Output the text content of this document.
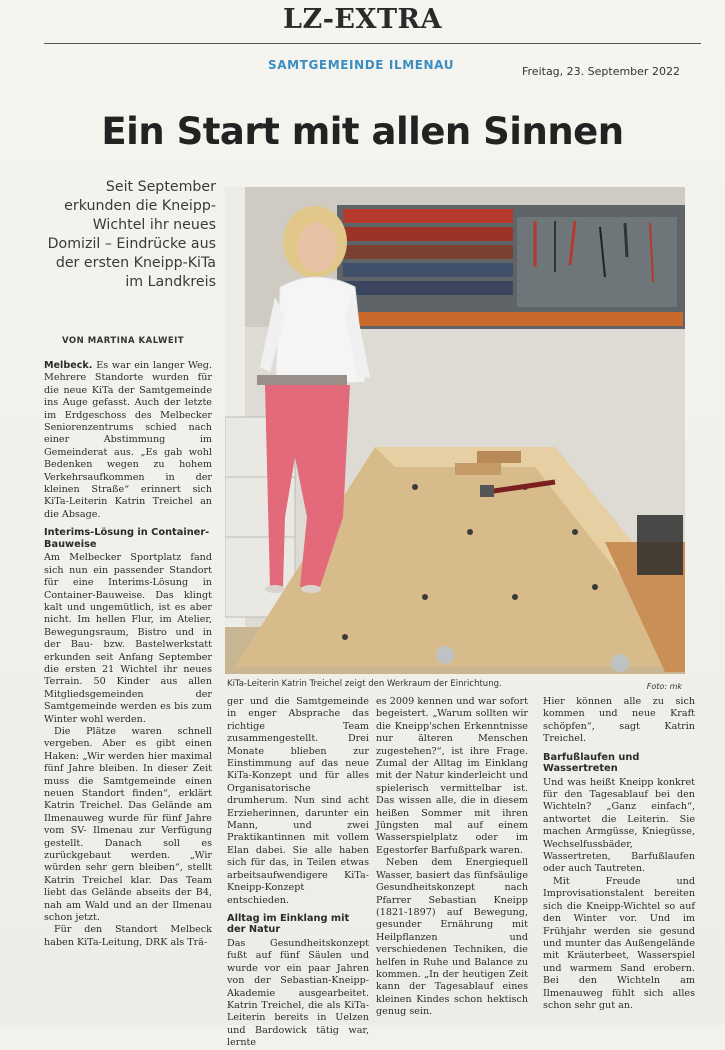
LZ-EXTRA
SAMTGEMEINDE ILMENAU	Freitag, 23. September 2022
Ein Start mit allen Sinnen
Seit September erkunden die Kneipp-Wichtel ihr neues Domizil – Eindrücke aus der ersten Kneipp-KiTa im Landkreis
VON MARTINA KALWEIT
KiTa-Leiterin Katrin Treichel zeigt den Werkraum der Einrichtung.	Foto: mk

Melbeck. Es war ein langer Weg. Mehrere Standorte wurden für die neue KiTa der Samtgemeinde ins Auge gefasst. Auch der letzte im Erdgeschoss des Melbecker Seniorenzentrums schied nach einer Abstimmung im Gemeinderat aus. „Es gab wohl Bedenken wegen zu hohem Verkehrsaufkommen in der kleinen Straße“ erinnert sich KiTa-Leiterin Katrin Treichel an die Absage.

Interims-Lösung in Container-Bauweise

Am Melbecker Sportplatz fand sich nun ein passender Standort für eine Interims-Lösung in Container-Bauweise. Das klingt kalt und ungemütlich, ist es aber nicht. Im hellen Flur, im Atelier, Bewegungsraum, Bistro und in der Bau- bzw. Bastelwerkstatt erkunden seit Anfang September die ersten 21 Wichtel ihr neues Terrain. 50 Kinder aus allen Mitgliedsgemeinden der Samtgemeinde werden es bis zum Winter wohl werden.

Die Plätze waren schnell vergeben. Aber es gibt einen Haken: „Wir werden hier maximal fünf Jahre bleiben. In dieser Zeit muss die Samtgemeinde einen neuen Standort finden“, erklärt Katrin Treichel. Das Gelände am Ilmenauweg wurde für fünf Jahre vom SV- Ilmenau zur Verfügung gestellt. Danach soll es zurückgebaut werden. „Wir würden sehr gern bleiben“, stellt Katrin Treichel klar. Das Team liebt das Gelände abseits der B4, nah am Wald und an der Ilmenau schon jetzt.

Für den Standort Melbeck haben KiTa-Leitung, DRK als Trä-

ger und die Samtgemeinde in enger Absprache das richtige Team zusammengestellt. Drei Monate blieben zur Einstimmung auf das neue KiTa-Konzept und für alles Organisatorische drumherum. Nun sind acht Erzieherinnen, darunter ein Mann, und zwei Praktikantinnen mit vollem Elan dabei. Sie alle haben sich für das, in Teilen etwas arbeitsaufwendigere KiTa-Kneipp-Konzept entschieden.

Alltag im Einklang mit der Natur

Das Gesundheitskonzept fußt auf fünf Säulen und wurde vor ein paar Jahren von der Sebastian-Kneipp-Akademie ausgearbeitet. Katrin Treichel, die als KiTa- Leiterin bereits in Uelzen und Bardowick tätig war, lernte

es 2009 kennen und war sofort begeistert. „Warum sollten wir die Kneipp'schen Erkenntnisse nur älteren Menschen zugestehen?“, ist ihre Frage. Zumal der Alltag im Einklang mit der Natur kinderleicht und spielerisch vermittelbar ist. Das wissen alle, die in diesem heißen Sommer mit ihren Jüngsten mal auf einem Wasserspielplatz oder im Egestorfer Barfußpark waren.

Neben dem Energiequell Wasser, basiert das fünfsäulige Gesundheitskonzept nach Pfarrer Sebastian Kneipp (1821-1897) auf Bewegung, gesunder Ernährung mit Heilpflanzen und verschiedenen Techniken, die helfen in Ruhe und Balance zu kommen. „In der heutigen Zeit kann der Tagesablauf eines kleinen Kindes schon hektisch genug sein.

Hier können alle zu sich kommen und neue Kraft schöpfen“, sagt Katrin Treichel.

Barfußlaufen und Wassertreten

Und was heißt Kneipp konkret für den Tagesablauf bei den Wichteln? „Ganz einfach“, antwortet die Leiterin. Sie machen Armgüsse, Kniegüsse, Wechselfussbäder, Wassertreten, Barfußlaufen oder auch Tautreten.

Mit Freude und Improvisationstalent bereiten sich die Kneipp-Wichtel so auf den Winter vor. Und im Frühjahr werden sie gesund und munter das Außengelände mit Kräuterbeet, Wasserspiel und warmem Sand erobern. Bei den Wichteln am Ilmenauweg fühlt sich alles schon sehr gut an.
